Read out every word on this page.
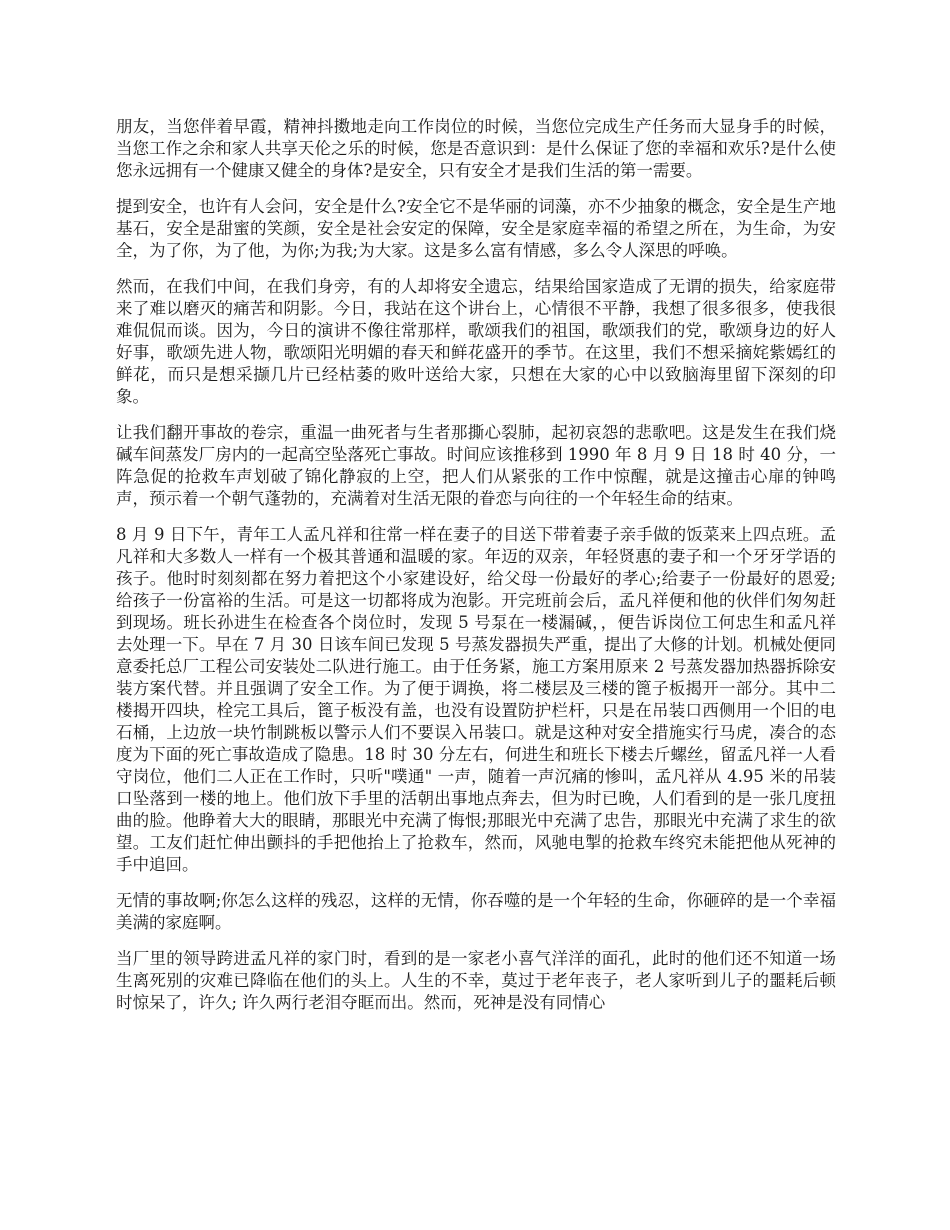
朋友，当您伴着早霞，精神抖擞地走向工作岗位的时候，当您位完成生产任务而大显身手的时候，当您工作之余和家人共享天伦之乐的时候，您是否意识到：是什么保证了您的幸福和欢乐?是什么使您永远拥有一个健康又健全的身体?是安全，只有安全才是我们生活的第一需要。

提到安全，也许有人会问，安全是什么?安全它不是华丽的词藻，亦不少抽象的概念，安全是生产地基石，安全是甜蜜的笑颜，安全是社会安定的保障，安全是家庭幸福的希望之所在，为生命，为安全，为了你，为了他，为你;为我;为大家。这是多么富有情感，多么令人深思的呼唤。

然而，在我们中间，在我们身旁，有的人却将安全遗忘，结果给国家造成了无谓的损失，给家庭带来了难以磨灭的痛苦和阴影。今日，我站在这个讲台上，心情很不平静，我想了很多很多，使我很难侃侃而谈。因为，今日的演讲不像往常那样，歌颂我们的祖国，歌颂我们的党，歌颂身边的好人好事，歌颂先进人物，歌颂阳光明媚的春天和鲜花盛开的季节。在这里，我们不想采摘姹紫嫣红的鲜花，而只是想采撷几片已经枯萎的败叶送给大家，只想在大家的心中以致脑海里留下深刻的印象。

让我们翻开事故的卷宗，重温一曲死者与生者那撕心裂肺，起初哀怨的悲歌吧。这是发生在我们烧碱车间蒸发厂房内的一起高空坠落死亡事故。时间应该推移到 1990 年 8 月 9 日 18 时 40 分，一阵急促的抢救车声划破了锦化静寂的上空，把人们从紧张的工作中惊醒，就是这撞击心扉的钟鸣声，预示着一个朝气蓬勃的，充满着对生活无限的眷恋与向往的一个年轻生命的结束。

8 月 9 日下午，青年工人孟凡祥和往常一样在妻子的目送下带着妻子亲手做的饭菜来上四点班。孟凡祥和大多数人一样有一个极其普通和温暖的家。年迈的双亲，年轻贤惠的妻子和一个牙牙学语的孩子。他时时刻刻都在努力着把这个小家建设好，给父母一份最好的孝心;给妻子一份最好的恩爱;给孩子一份富裕的生活。可是这一切都将成为泡影。开完班前会后，孟凡祥便和他的伙伴们匆匆赶到现场。班长孙进生在检查各个岗位时，发现 5 号泵在一楼漏碱，，便告诉岗位工何忠生和孟凡祥去处理一下。早在 7 月 30 日该车间已发现 5 号蒸发器损失严重，提出了大修的计划。机械处便同意委托总厂工程公司安装处二队进行施工。由于任务紧，施工方案用原来 2 号蒸发器加热器拆除安装方案代替。并且强调了安全工作。为了便于调换，将二楼层及三楼的篦子板揭开一部分。其中二楼揭开四块，栓完工具后，篦子板没有盖，也没有设置防护栏杆，只是在吊装口西侧用一个旧的电石桶，上边放一块竹制跳板以警示人们不要误入吊装口。就是这种对安全措施实行马虎，凑合的态度为下面的死亡事故造成了隐患。18 时 30 分左右，何进生和班长下楼去斤螺丝，留孟凡祥一人看守岗位，他们二人正在工作时，只听"噗通" 一声，随着一声沉痛的惨叫，孟凡祥从 4.95 米的吊装口坠落到一楼的地上。他们放下手里的活朝出事地点奔去，但为时已晚，人们看到的是一张几度扭曲的脸。他睁着大大的眼睛，那眼光中充满了悔恨;那眼光中充满了忠告，那眼光中充满了求生的欲望。工友们赶忙伸出颤抖的手把他抬上了抢救车，然而，风驰电掣的抢救车终究未能把他从死神的手中追回。

无情的事故啊;你怎么这样的残忍，这样的无情，你吞噬的是一个年轻的生命，你砸碎的是一个幸福美满的家庭啊。

当厂里的领导跨进孟凡祥的家门时，看到的是一家老小喜气洋洋的面孔，此时的他们还不知道一场生离死别的灾难已降临在他们的头上。人生的不幸，莫过于老年丧子，老人家听到儿子的噩耗后顿时惊呆了，许久; 许久两行老泪夺眶而出。然而，死神是没有同情心
